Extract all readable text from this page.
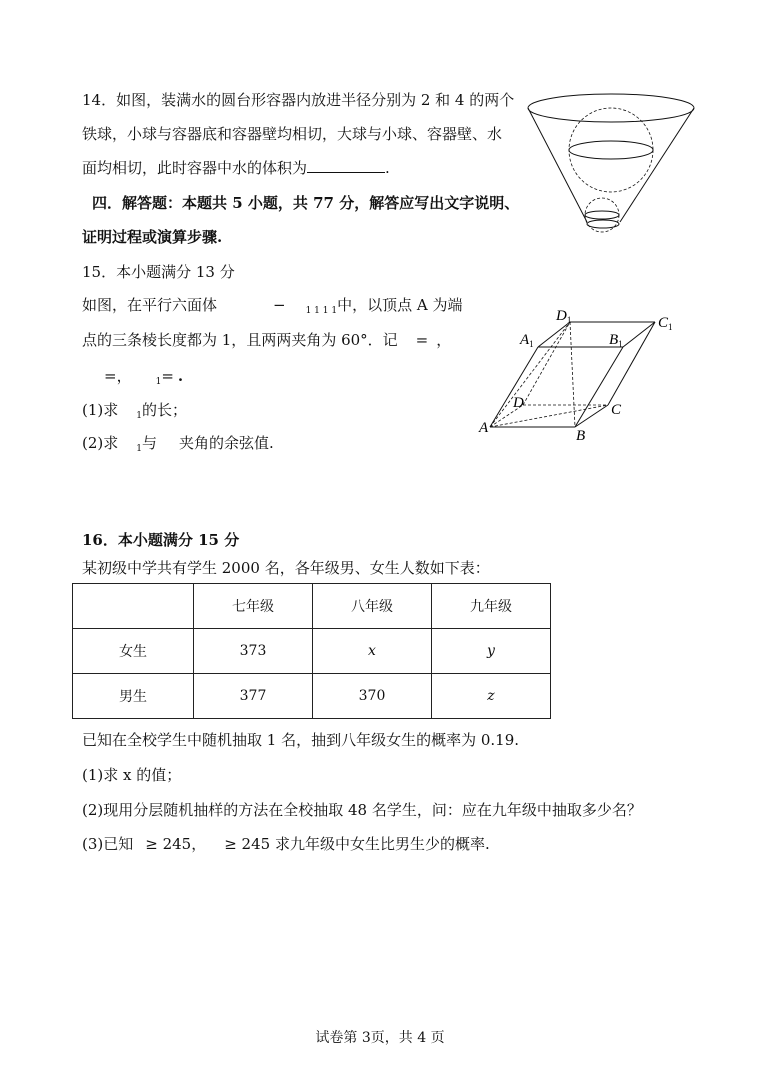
14．如图，装满水的圆台形容器内放进半径分别为 2 和 4 的两个
铁球，小球与容器底和容器壁均相切，大球与小球、容器壁、水
面均相切，此时容器中水的体积为	.
四．解答题：本题共 5 小题，共 77 分，解答应写出文字说明、
证明过程或演算步骤.
15．本小题满分 13 分
如图，在平行六面体	− $_{1 1 1 1}$中，以顶点 A 为端
点的三条棱长度都为 1，且两两夹角为 60°．记 = ，
=，	$_1$= .
(1)求 $_1$的长；
(2)求 $_1$与 夹角的余弦值.
$D_1$	$C_1$
$A_1$	$B_1$
D	C
A	B
16．本小题满分 15 分
某初级中学共有学生 2000 名，各年级男、女生人数如下表：
	七年级	八年级	九年级
女生	373	x	y
男生	377	370	z
已知在全校学生中随机抽取 1 名，抽到八年级女生的概率为 0.19.
(1)求 x 的值；
(2)现用分层随机抽样的方法在全校抽取 48 名学生，问：应在九年级中抽取多少名？
(3)已知 ≥ 245， ≥ 245 求九年级中女生比男生少的概率.
试卷第 3页，共 4 页
